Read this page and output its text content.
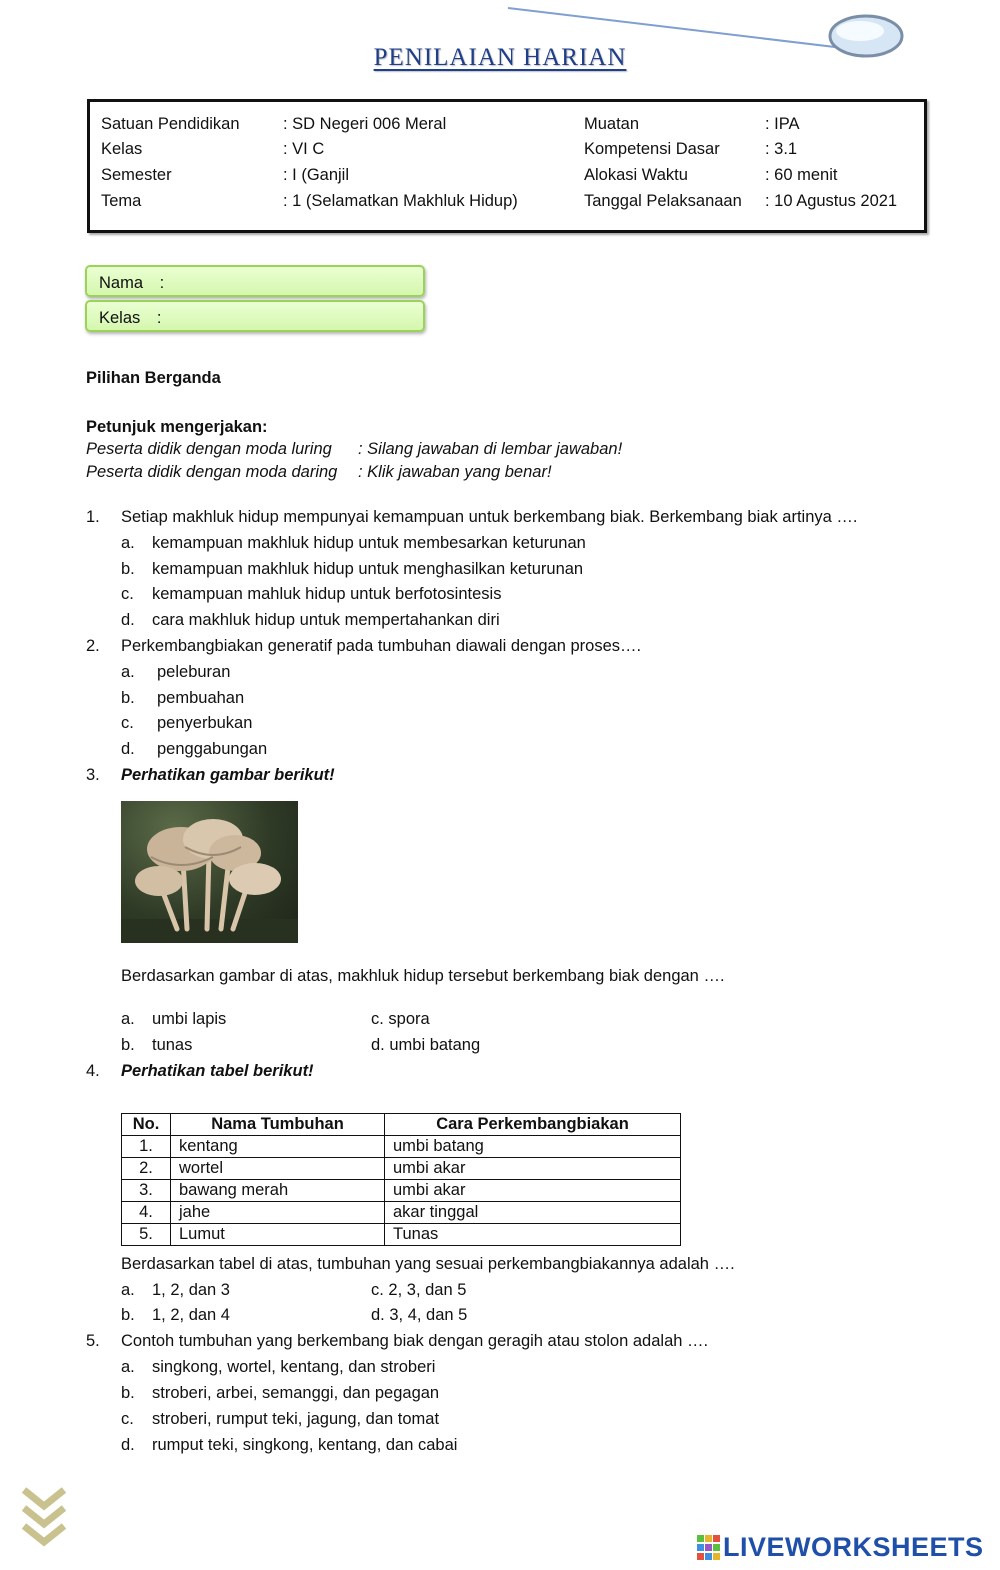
PENILAIAN HARIAN
Satuan Pendidikan	: SD Negeri 006 Meral	Muatan	: IPA
Kelas	: VI C	Kompetensi Dasar	: 3.1
Semester	: I (Ganjil	Alokasi Waktu	: 60 menit
Tema	: 1 (Selamatkan Makhluk Hidup)	Tanggal Pelaksanaan : 10 Agustus 2021
Nama :
Kelas :
Pilihan Berganda
Petunjuk mengerjakan:
Peserta didik dengan moda luring : Silang jawaban di lembar jawaban!
Peserta didik dengan moda daring : Klik jawaban yang benar!
1. Setiap makhluk hidup mempunyai kemampuan untuk berkembang biak. Berkembang biak artinya ….
a. kemampuan makhluk hidup untuk membesarkan keturunan
b. kemampuan makhluk hidup untuk menghasilkan keturunan
c. kemampuan mahluk hidup untuk berfotosintesis
d. cara makhluk hidup untuk mempertahankan diri
2. Perkembangbiakan generatif pada tumbuhan diawali dengan proses….
a. peleburan
b. pembuahan
c. penyerbukan
d. penggabungan
3. Perhatikan gambar berikut!
Berdasarkan gambar di atas, makhluk hidup tersebut berkembang biak dengan ….
a. umbi lapis
b. tunas
c. spora
d. umbi batang
4. Perhatikan tabel berikut!
No.	Nama Tumbuhan	Cara Perkembangbiakan
1.	kentang	umbi batang
2.	wortel	umbi akar
3.	bawang merah	umbi akar
4.	jahe	akar tinggal
5.	Lumut	Tunas
Berdasarkan tabel di atas, tumbuhan yang sesuai perkembangbiakannya adalah ….
a. 1, 2, dan 3
b. 1, 2, dan 4
c. 2, 3, dan 5
d. 3, 4, dan 5
5. Contoh tumbuhan yang berkembang biak dengan geragih atau stolon adalah ….
a. singkong, wortel, kentang, dan stroberi
b. stroberi, arbei, semanggi, dan pegagan
c. stroberi, rumput teki, jagung, dan tomat
d. rumput teki, singkong, kentang, dan cabai
LIVEWORKSHEETS
